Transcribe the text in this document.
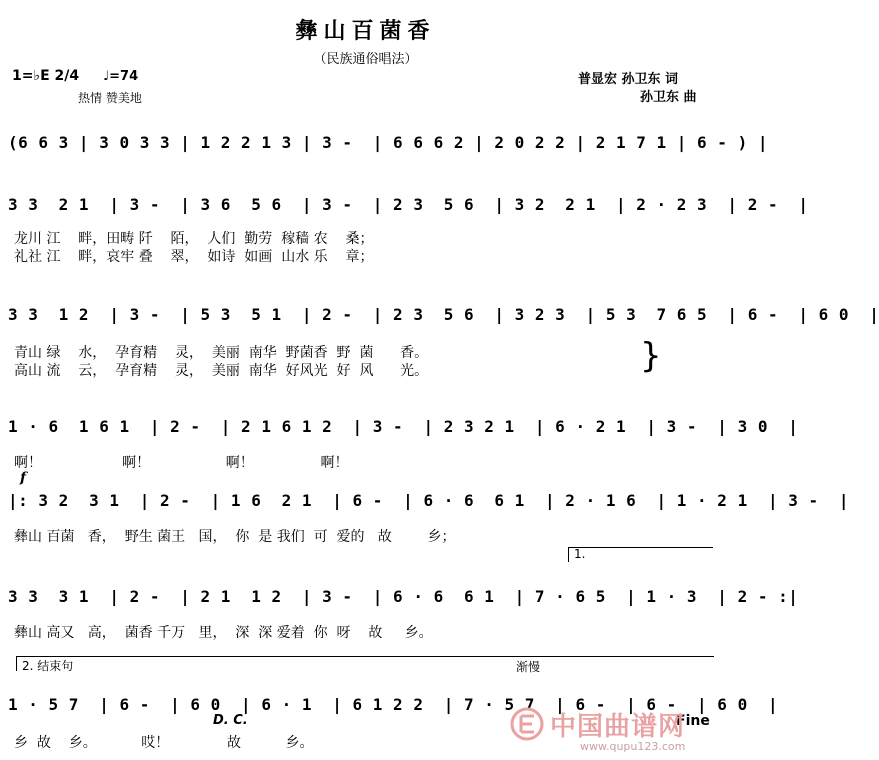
彝山百菌香
（民族通俗唱法）
1=♭E 2/4 ♩=74
热情 赞美地
普显宏 孙卫东 词
孙卫东 曲
(6 6 3 | 3 0 3 3 | 1 2 2 1 3 | 3 -  | 6 6 6 2 | 2 0 2 2 | 2 1 7 1 | 6 - ) |
3 3  2 1  | 3 -  | 3 6  5 6  | 3 -  | 2 3  5 6  | 3 2  2 1  | 2 · 2 3  | 2 -  |
龙川 江    畔，田畴 阡    陌，  人们  勤劳  稼穑 农    桑；
礼社 江    畔，哀牢 叠    翠，  如诗  如画  山水 乐    章；
3 3  1 2  | 3 -  | 5 3  5 1  | 2 -  | 2 3  5 6  | 3 2 3  | 5 3  7 6 5  | 6 -  | 6 0  |
青山 绿    水，  孕育精    灵，  美丽  南华  野菌香  野  菌      香。
高山 流    云，  孕育精    灵，  美丽  南华  好风光  好  风      光。	}
1 · 6  1 6 1  | 2 -  | 2 1 6 1 2  | 3 -  | 2 3 2 1  | 6 · 2 1  | 3 -  | 3 0  |
啊！                  啊！                 啊！               啊！
f
|: 3 2  3 1  | 2 -  | 1 6  2 1  | 6 -  | 6 · 6  6 1  | 2 · 1 6  | 1 · 2 1  | 3 -  |
彝山 百菌   香，  野生 菌王   国，  你  是 我们  可  爱的   故        乡；
1.
3 3  3 1  | 2 -  | 2 1  1 2  | 3 -  | 6 · 6  6 1  | 7 · 6 5  | 1 · 3  | 2 - :|
彝山 高又   高，  菌香 千万   里，  深  深 爱着  你  呀    故     乡。
2. 结束句	渐慢
1 · 5 7  | 6 -  | 6 0  | 6 · 1  | 6 1 2 2  | 7 · 5 7  | 6 -  | 6 -  | 6 0  |
D. C.	Fine
乡  故    乡。          哎！             故          乡。
中国曲谱网
www.qupu123.com
